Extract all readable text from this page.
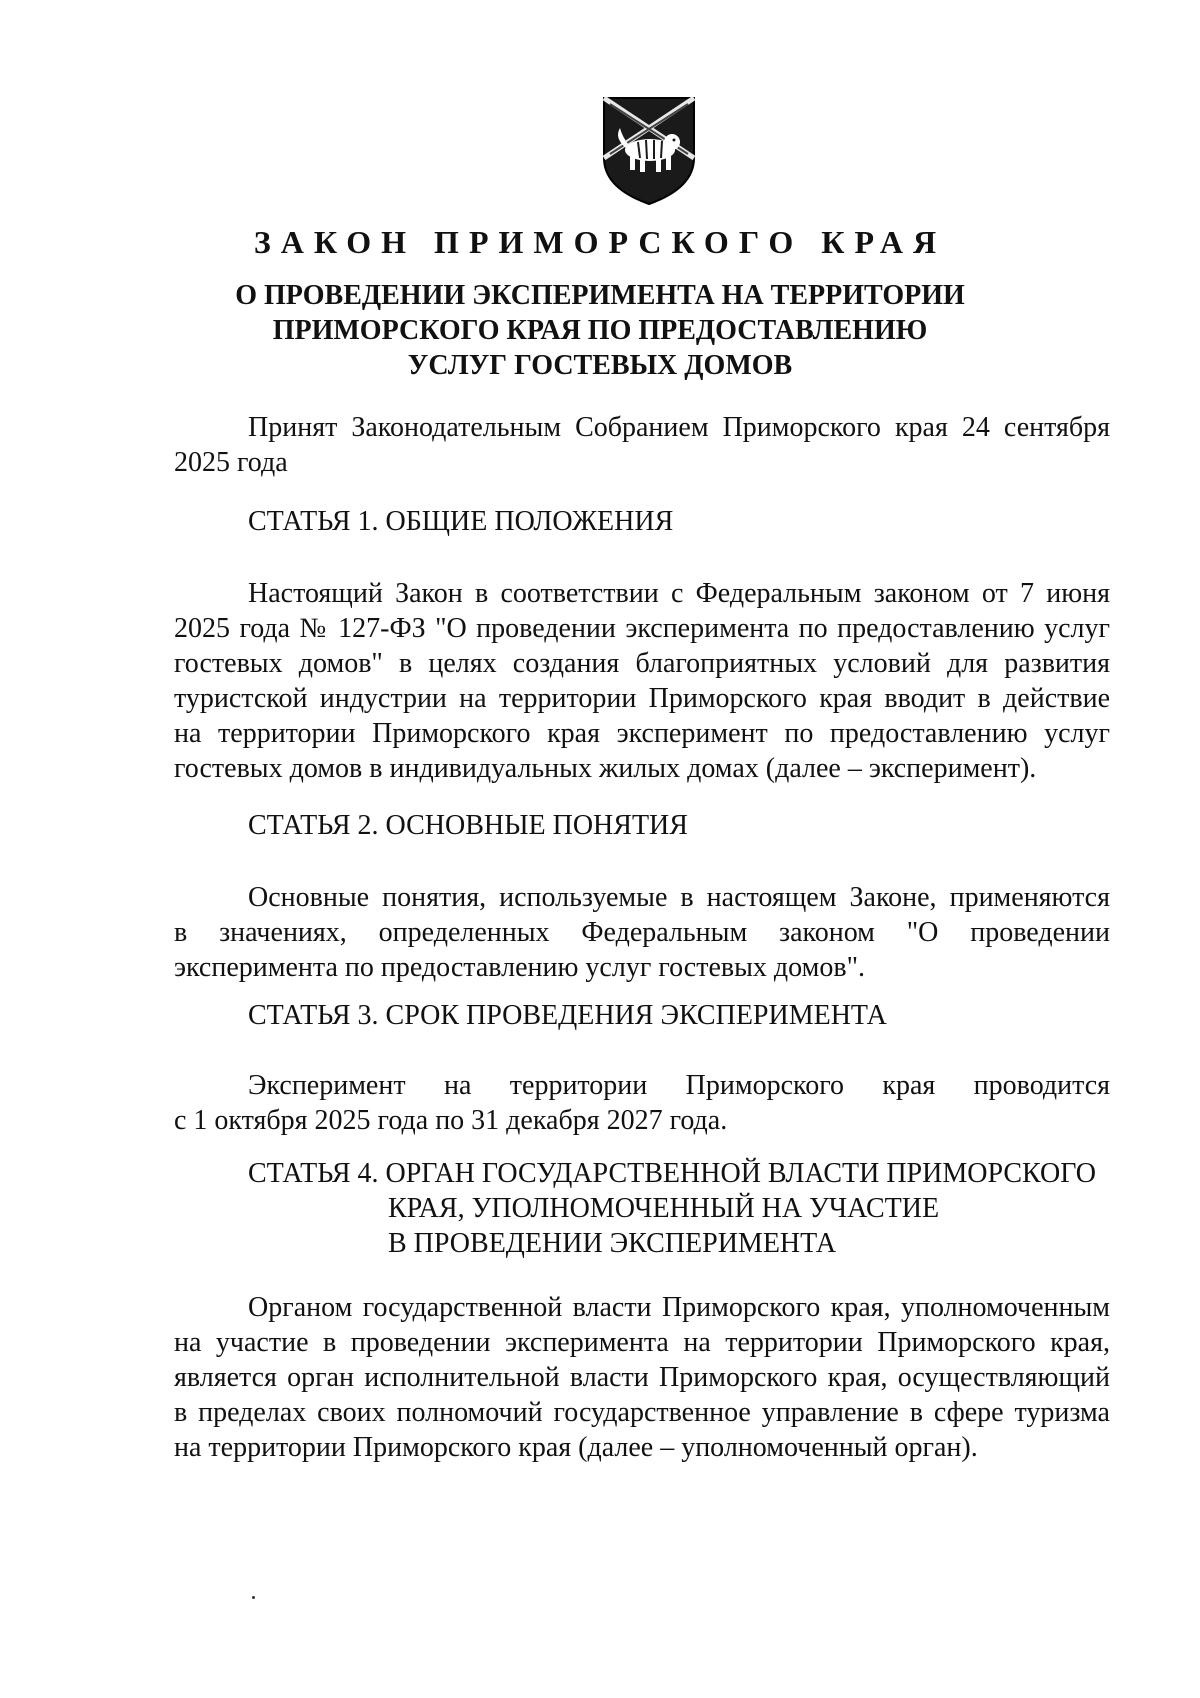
ЗАКОН ПРИМОРСКОГО КРАЯ
О ПРОВЕДЕНИИ ЭКСПЕРИМЕНТА НА ТЕРРИТОРИИ
ПРИМОРСКОГО КРАЯ ПО ПРЕДОСТАВЛЕНИЮ
УСЛУГ ГОСТЕВЫХ ДОМОВ
Принят Законодательным Собранием Приморского края 24 сентября
2025 года
СТАТЬЯ 1. ОБЩИЕ ПОЛОЖЕНИЯ
Настоящий Закон в соответствии с Федеральным законом от 7 июня
2025 года № 127-ФЗ "О проведении эксперимента по предоставлению услуг
гостевых домов" в целях создания благоприятных условий для развития
туристской индустрии на территории Приморского края вводит в действие
на территории Приморского края эксперимент по предоставлению услуг
гостевых домов в индивидуальных жилых домах (далее – эксперимент).
СТАТЬЯ 2. ОСНОВНЫЕ ПОНЯТИЯ
Основные понятия, используемые в настоящем Законе, применяются
в значениях, определенных Федеральным законом "О проведении
эксперимента по предоставлению услуг гостевых домов".
СТАТЬЯ 3. СРОК ПРОВЕДЕНИЯ ЭКСПЕРИМЕНТА
Эксперимент на территории Приморского края проводится
с 1 октября 2025 года по 31 декабря 2027 года.
СТАТЬЯ 4. ОРГАН ГОСУДАРСТВЕННОЙ ВЛАСТИ ПРИМОРСКОГО
КРАЯ, УПОЛНОМОЧЕННЫЙ НА УЧАСТИЕ
В ПРОВЕДЕНИИ ЭКСПЕРИМЕНТА
Органом государственной власти Приморского края, уполномоченным
на участие в проведении эксперимента на территории Приморского края,
является орган исполнительной власти Приморского края, осуществляющий
в пределах своих полномочий государственное управление в сфере туризма
на территории Приморского края (далее – уполномоченный орган).
